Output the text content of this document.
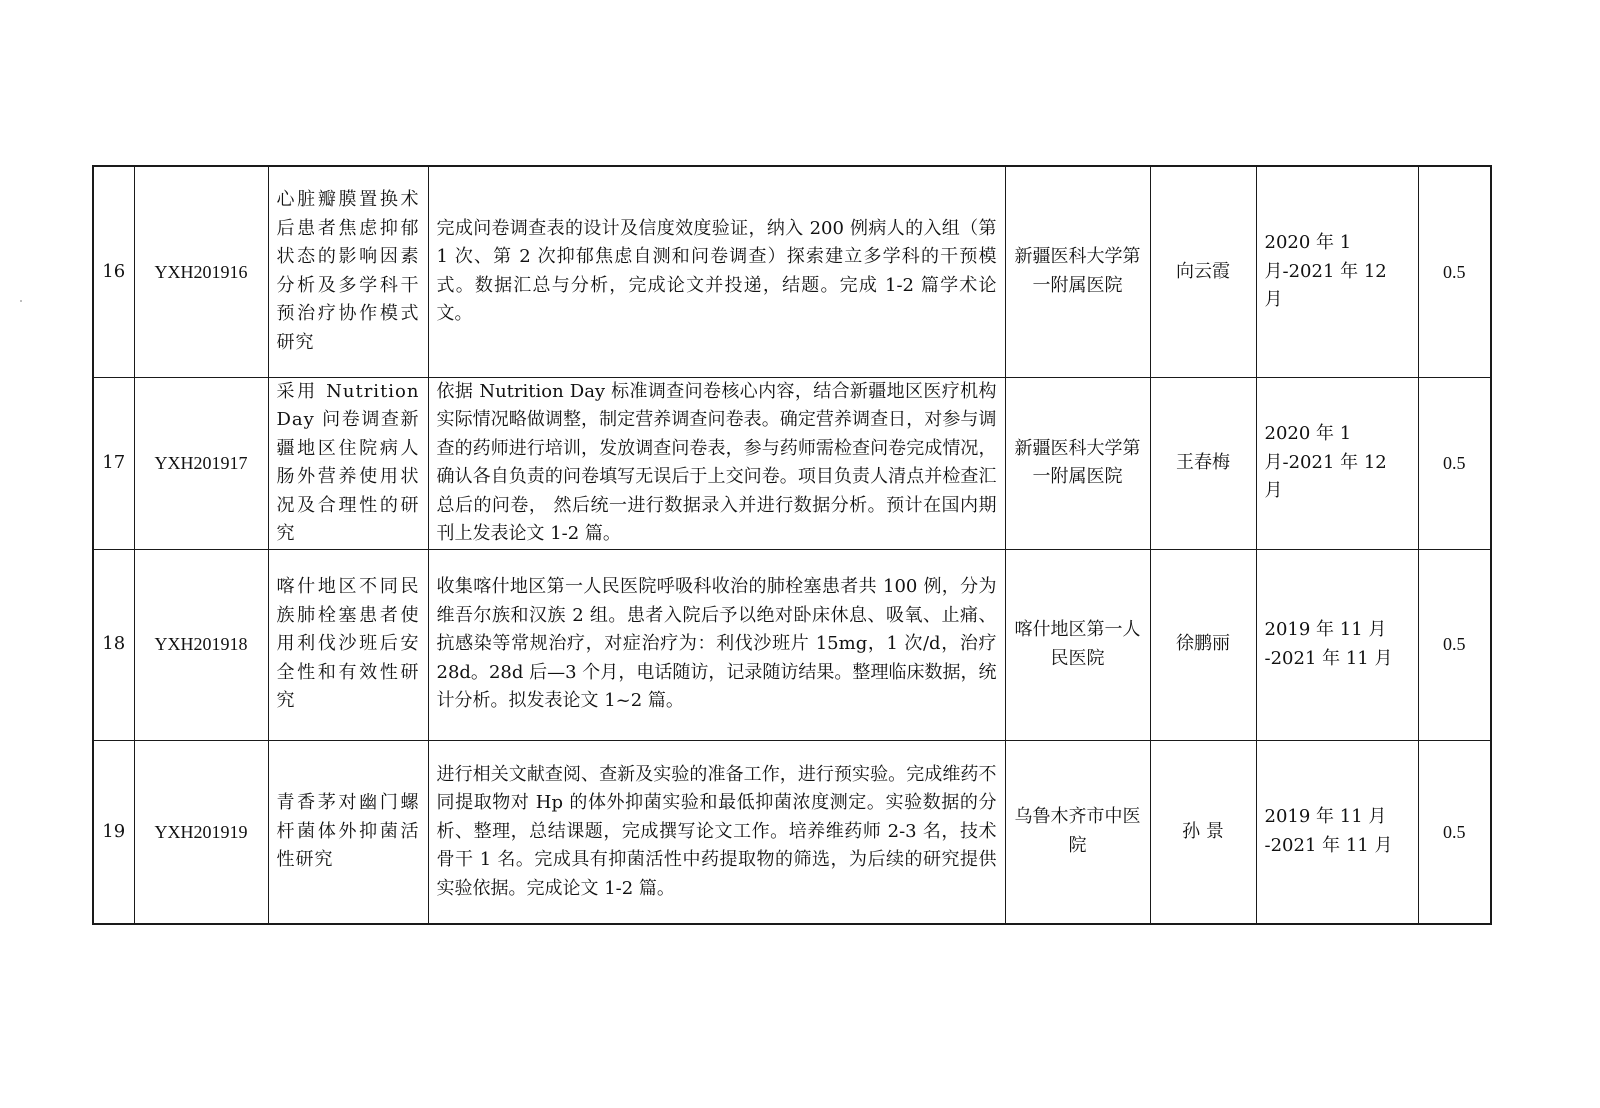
16	YXH201916	心脏瓣膜置换术后患者焦虑抑郁状态的影响因素分析及多学科干预治疗协作模式研究	完成问卷调查表的设计及信度效度验证，纳入 200 例病人的入组（第 1 次、第 2 次抑郁焦虑自测和问卷调查）探索建立多学科的干预模式。数据汇总与分析，完成论文并投递，结题。完成 1-2 篇学术论文。	新疆医科大学第一附属医院	向云霞	2020 年 1 月-2021 年 12 月	0.5
17	YXH201917	采用 Nutrition Day 问卷调查新疆地区住院病人肠外营养使用状况及合理性的研究	依据 Nutrition Day 标准调查问卷核心内容，结合新疆地区医疗机构实际情况略做调整，制定营养调查问卷表。确定营养调查日，对参与调查的药师进行培训，发放调查问卷表，参与药师需检查问卷完成情况，确认各自负责的问卷填写无误后于上交问卷。项目负责人清点并检查汇总后的问卷， 然后统一进行数据录入并进行数据分析。预计在国内期刊上发表论文 1-2 篇。	新疆医科大学第一附属医院	王春梅	2020 年 1 月-2021 年 12 月	0.5
18	YXH201918	喀什地区不同民族肺栓塞患者使用利伐沙班后安全性和有效性研究	收集喀什地区第一人民医院呼吸科收治的肺栓塞患者共 100 例，分为维吾尔族和汉族 2 组。患者入院后予以绝对卧床休息、吸氧、止痛、抗感染等常规治疗，对症治疗为：利伐沙班片 15mg，1 次/d，治疗 28d。28d 后—3 个月，电话随访，记录随访结果。整理临床数据，统计分析。拟发表论文 1~2 篇。	喀什地区第一人民医院	徐鹏丽	2019 年 11 月 -2021 年 11 月	0.5
19	YXH201919	青香茅对幽门螺杆菌体外抑菌活性研究	进行相关文献查阅、查新及实验的准备工作，进行预实验。完成维药不同提取物对 Hp 的体外抑菌实验和最低抑菌浓度测定。实验数据的分析、整理，总结课题，完成撰写论文工作。培养维药师 2-3 名，技术骨干 1 名。完成具有抑菌活性中药提取物的筛选，为后续的研究提供实验依据。完成论文 1-2 篇。	乌鲁木齐市中医院	孙 景	2019 年 11 月 -2021 年 11 月	0.5
